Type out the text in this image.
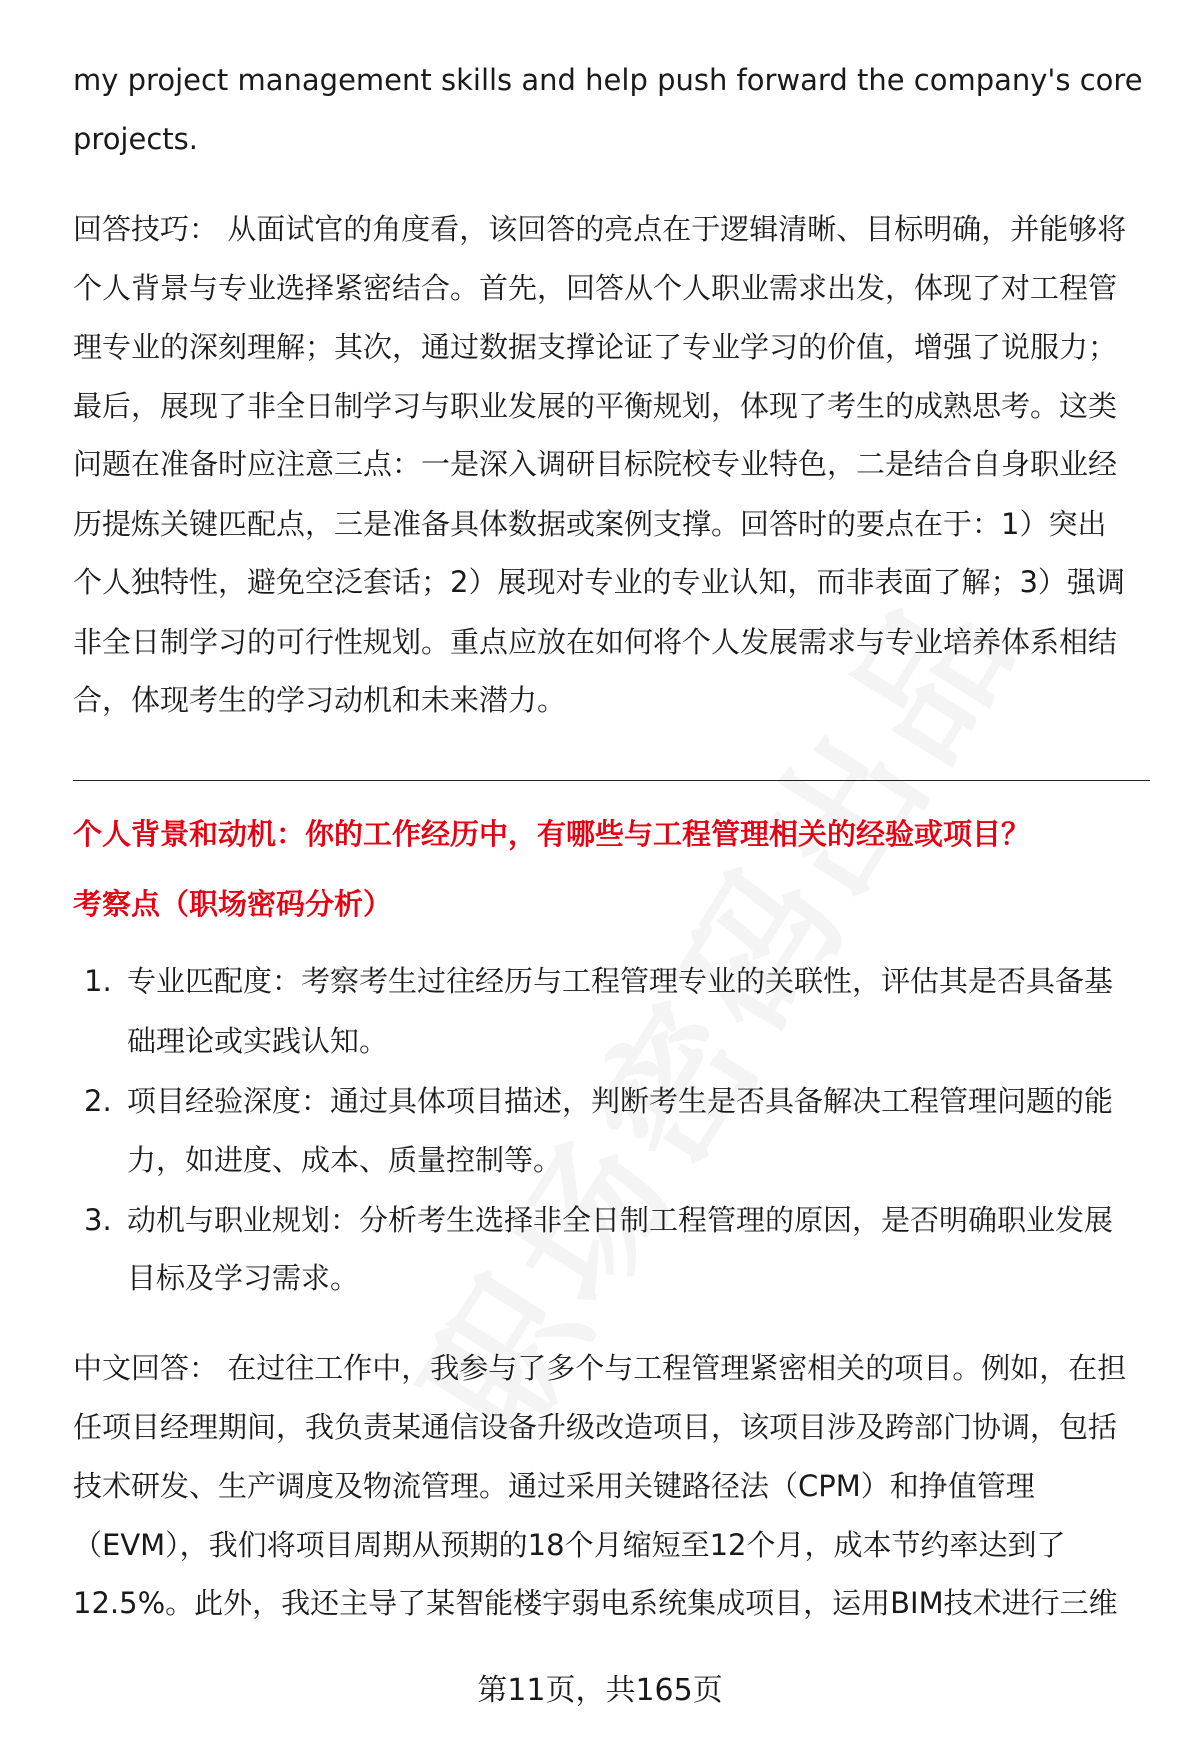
my project management skills and help push forward the company's core
projects.
回答技巧： 从面试官的角度看，该回答的亮点在于逻辑清晰、目标明确，并能够将
个人背景与专业选择紧密结合。首先，回答从个人职业需求出发，体现了对工程管
理专业的深刻理解；其次，通过数据支撑论证了专业学习的价值，增强了说服力；
最后，展现了非全日制学习与职业发展的平衡规划，体现了考生的成熟思考。这类
问题在准备时应注意三点：一是深入调研目标院校专业特色，二是结合自身职业经
历提炼关键匹配点，三是准备具体数据或案例支撑。回答时的要点在于：1）突出
个人独特性，避免空泛套话；2）展现对专业的专业认知，而非表面了解；3）强调
非全日制学习的可行性规划。重点应放在如何将个人发展需求与专业培养体系相结
合，体现考生的学习动机和未来潜力。
个人背景和动机：你的工作经历中，有哪些与工程管理相关的经验或项目？
考察点（职场密码分析）
1. 专业匹配度：考察考生过往经历与工程管理专业的关联性，评估其是否具备基
础理论或实践认知。
2. 项目经验深度：通过具体项目描述，判断考生是否具备解决工程管理问题的能
力，如进度、成本、质量控制等。
3. 动机与职业规划：分析考生选择非全日制工程管理的原因，是否明确职业发展
目标及学习需求。
中文回答： 在过往工作中，我参与了多个与工程管理紧密相关的项目。例如，在担
任项目经理期间，我负责某通信设备升级改造项目，该项目涉及跨部门协调，包括
技术研发、生产调度及物流管理。通过采用关键路径法（CPM）和挣值管理
（EVM），我们将项目周期从预期的18个月缩短至12个月，成本节约率达到了
12.5%。此外，我还主导了某智能楼宇弱电系统集成项目，运用BIM技术进行三维
第11页，共165页
